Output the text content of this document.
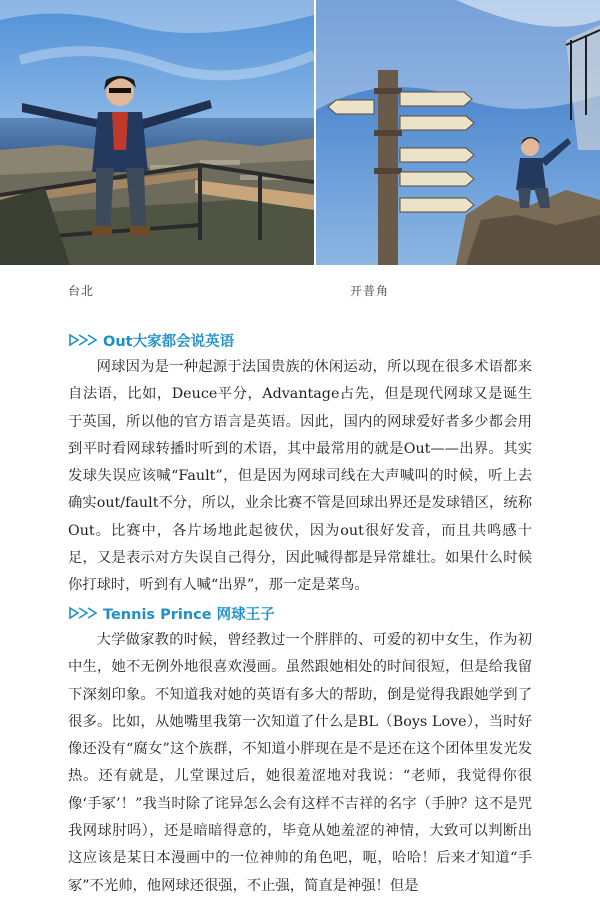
台北	开普角
Out大家都会说英语

网球因为是一种起源于法国贵族的休闲运动，所以现在很多术语都来自法语，比如，Deuce平分，Advantage占先，但是现代网球又是诞生于英国，所以他的官方语言是英语。因此，国内的网球爱好者多少都会用到平时看网球转播时听到的术语，其中最常用的就是Out——出界。其实发球失误应该喊“Fault”，但是因为网球司线在大声喊叫的时候，听上去确实out/fault不分，所以，业余比赛不管是回球出界还是发球错区，统称Out。比赛中，各片场地此起彼伏，因为out很好发音，而且共鸣感十足，又是表示对方失误自己得分，因此喊得都是异常雄壮。如果什么时候你打球时，听到有人喊“出界”，那一定是菜鸟。

Tennis Prince 网球王子

大学做家教的时候，曾经教过一个胖胖的、可爱的初中女生，作为初中生，她不无例外地很喜欢漫画。虽然跟她相处的时间很短，但是给我留下深刻印象。不知道我对她的英语有多大的帮助，倒是觉得我跟她学到了很多。比如，从她嘴里我第一次知道了什么是BL（Boys Love），当时好像还没有“腐女”这个族群，不知道小胖现在是不是还在这个团体里发光发热。还有就是，儿堂课过后，她很羞涩地对我说：“老师，我觉得你很像‘手冢’！”我当时除了诧异怎么会有这样不吉祥的名字（手肿？这不是咒我网球肘吗），还是暗暗得意的，毕竟从她羞涩的神情，大致可以判断出这应该是某日本漫画中的一位神帅的角色吧，呃，哈哈！后来才知道“手冢”不光帅，他网球还很强，不止强，简直是神强！但是
